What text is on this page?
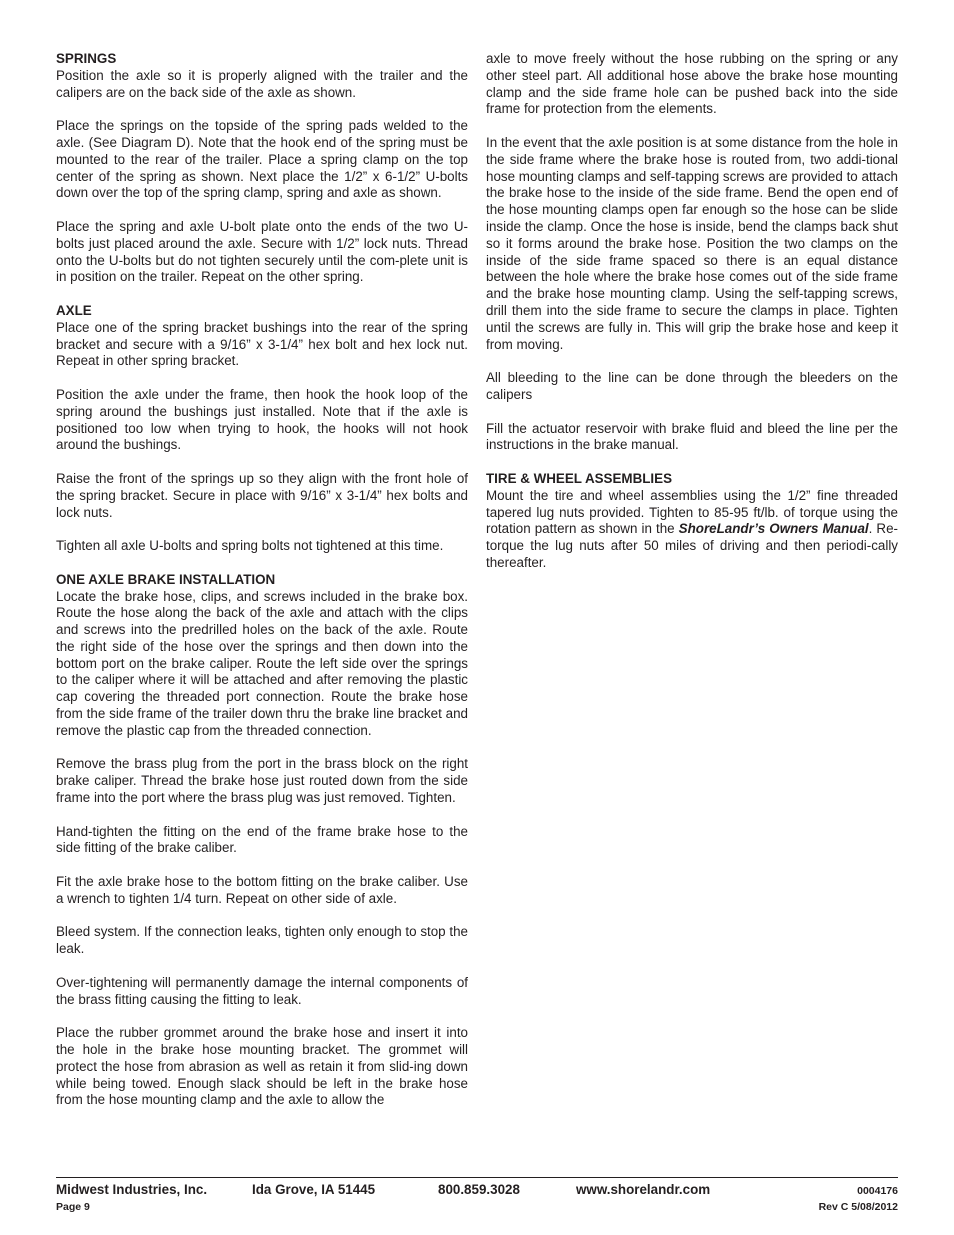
SPRINGS

Position the axle so it is properly aligned with the trailer and the calipers are on the back side of the axle as shown.

Place the springs on the topside of the spring pads welded to the axle. (See Diagram D). Note that the hook end of the spring must be mounted to the rear of the trailer. Place a spring clamp on the top center of the spring as shown. Next place the 1/2” x 6-1/2” U-bolts down over the top of the spring clamp, spring and axle as shown.

Place the spring and axle U-bolt plate onto the ends of the two U-bolts just placed around the axle. Secure with 1/2” lock nuts. Thread onto the U-bolts but do not tighten securely until the com-plete unit is in position on the trailer. Repeat on the other spring.

AXLE

Place one of the spring bracket bushings into the rear of the spring bracket and secure with a 9/16” x 3-1/4” hex bolt and hex lock nut. Repeat in other spring bracket.

Position the axle under the frame, then hook the hook loop of the spring around the bushings just installed. Note that if the axle is positioned too low when trying to hook, the hooks will not hook around the bushings.

Raise the front of the springs up so they align with the front hole of the spring bracket. Secure in place with 9/16” x 3-1/4” hex bolts and lock nuts.

Tighten all axle U-bolts and spring bolts not tightened at this time.

ONE AXLE BRAKE INSTALLATION

Locate the brake hose, clips, and screws included in the brake box. Route the hose along the back of the axle and attach with the clips and screws into the predrilled holes on the back of the axle. Route the right side of the hose over the springs and then down into the bottom port on the brake caliper. Route the left side over the springs to the caliper where it will be attached and after removing the plastic cap covering the threaded port connection. Route the brake hose from the side frame of the trailer down thru the brake line bracket and remove the plastic cap from the threaded connection.

Remove the brass plug from the port in the brass block on the right brake caliper. Thread the brake hose just routed down from the side frame into the port where the brass plug was just removed. Tighten.

Hand-tighten the fitting on the end of the frame brake hose to the side fitting of the brake caliber.

Fit the axle brake hose to the bottom fitting on the brake caliber. Use a wrench to tighten 1/4 turn. Repeat on other side of axle.

Bleed system. If the connection leaks, tighten only enough to stop the leak.

Over-tightening will permanently damage the internal components of the brass fitting causing the fitting to leak.

Place the rubber grommet around the brake hose and insert it into the hole in the brake hose mounting bracket. The grommet will protect the hose from abrasion as well as retain it from slid-ing down while being towed. Enough slack should be left in the brake hose from the hose mounting clamp and the axle to allow the

axle to move freely without the hose rubbing on the spring or any other steel part. All additional hose above the brake hose mounting clamp and the side frame hole can be pushed back into the side frame for protection from the elements.

In the event that the axle position is at some distance from the hole in the side frame where the brake hose is routed from, two addi-tional hose mounting clamps and self-tapping screws are provided to attach the brake hose to the inside of the side frame. Bend the open end of the hose mounting clamps open far enough so the hose can be slide inside the clamp. Once the hose is inside, bend the clamps back shut so it forms around the brake hose. Position the two clamps on the inside of the side frame spaced so there is an equal distance between the hole where the brake hose comes out of the side frame and the brake hose mounting clamp. Using the self-tapping screws, drill them into the side frame to secure the clamps in place. Tighten until the screws are fully in. This will grip the brake hose and keep it from moving.

All bleeding to the line can be done through the bleeders on the calipers

Fill the actuator reservoir with brake fluid and bleed the line per the instructions in the brake manual.

TIRE & WHEEL ASSEMBLIES

Mount the tire and wheel assemblies using the 1/2” fine threaded tapered lug nuts provided. Tighten to 85-95 ft/lb. of torque using the rotation pattern as shown in the ShoreLandr’s Owners Manual. Re-torque the lug nuts after 50 miles of driving and then periodi-cally thereafter.

Midwest Industries, Inc.	Ida Grove, IA 51445	800.859.3028	www.shorelandr.com	0004176
Page 9	Rev C 5/08/2012
